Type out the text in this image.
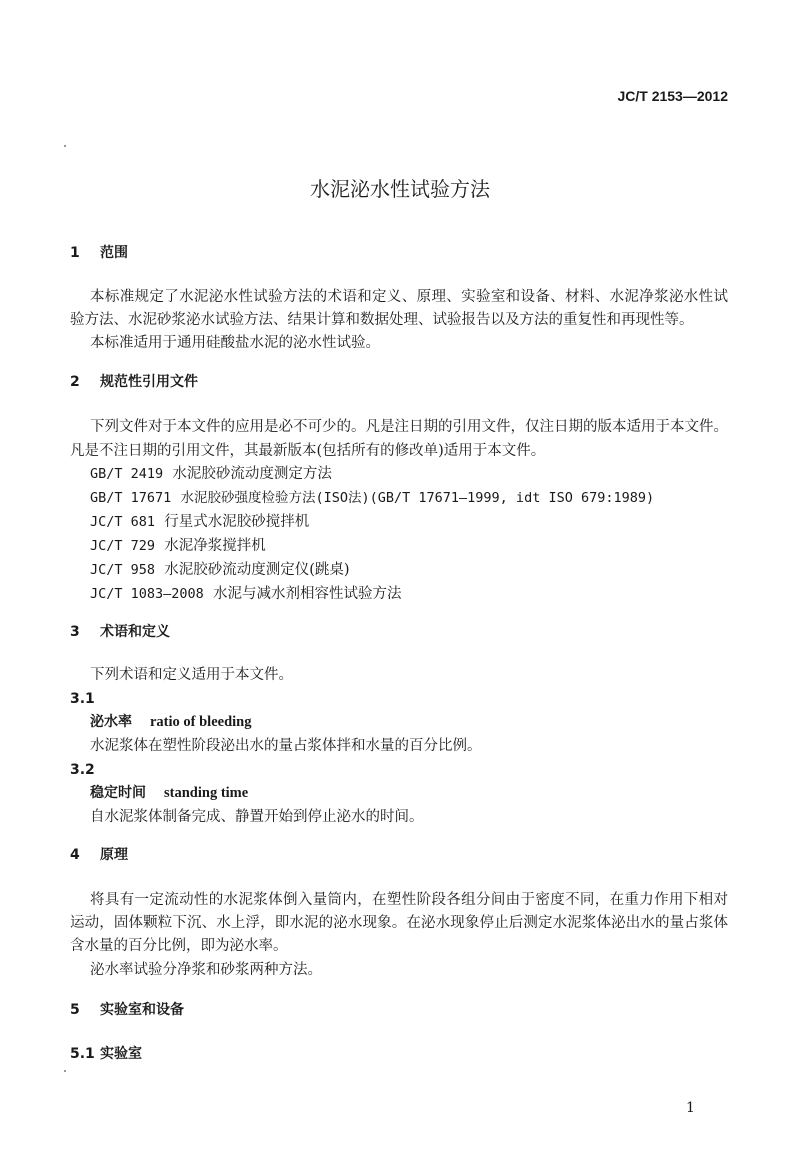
JC/T 2153—2012
水泥泌水性试验方法
1 范围
本标准规定了水泥泌水性试验方法的术语和定义、原理、实验室和设备、材料、水泥净浆泌水性试
验方法、水泥砂浆泌水试验方法、结果计算和数据处理、试验报告以及方法的重复性和再现性等。
本标准适用于通用硅酸盐水泥的泌水性试验。
2 规范性引用文件
下列文件对于本文件的应用是必不可少的。凡是注日期的引用文件，仅注日期的版本适用于本文件。
凡是不注日期的引用文件，其最新版本(包括所有的修改单)适用于本文件。
GB/T 2419 水泥胶砂流动度测定方法
GB/T 17671 水泥胶砂强度检验方法(ISO法)(GB/T 17671—1999, idt ISO 679:1989)
JC/T 681 行星式水泥胶砂搅拌机
JC/T 729 水泥净浆搅拌机
JC/T 958 水泥胶砂流动度测定仪(跳桌)
JC/T 1083—2008 水泥与减水剂相容性试验方法
3 术语和定义
下列术语和定义适用于本文件。
3.1
泌水率 ratio of bleeding
水泥浆体在塑性阶段泌出水的量占浆体拌和水量的百分比例。
3.2
稳定时间 standing time
自水泥浆体制备完成、静置开始到停止泌水的时间。
4 原理
将具有一定流动性的水泥浆体倒入量筒内，在塑性阶段各组分间由于密度不同，在重力作用下相对
运动，固体颗粒下沉、水上浮，即水泥的泌水现象。在泌水现象停止后测定水泥浆体泌出水的量占浆体
含水量的百分比例，即为泌水率。
泌水率试验分净浆和砂浆两种方法。
5 实验室和设备
5.1 实验室
1
